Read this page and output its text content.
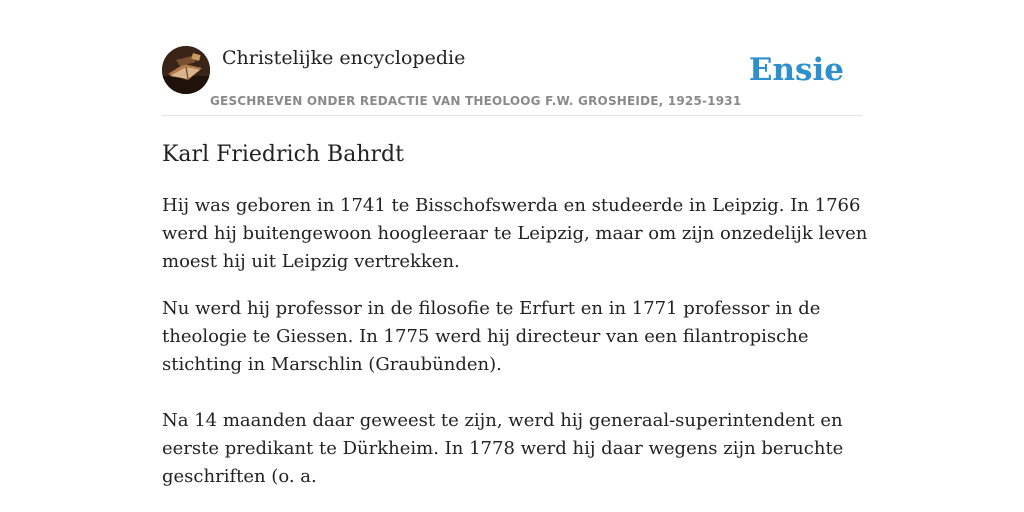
Christelijke encyclopedie
GESCHREVEN ONDER REDACTIE VAN THEOLOOG F.W. GROSHEIDE, 1925-1931
Ensie
Karl Friedrich Bahrdt

Hij was geboren in 1741 te Bisschofswerda en studeerde in Leipzig. In 1766 werd hij buitengewoon hoogleeraar te Leipzig, maar om zijn onzedelijk leven moest hij uit Leipzig vertrekken.

Nu werd hij professor in de filosofie te Erfurt en in 1771 professor in de theologie te Giessen. In 1775 werd hij directeur van een filantropische stichting in Marschlin (Graubünden).

Na 14 maanden daar geweest te zijn, werd hij generaal-superintendent en eerste predikant te Dürkheim. In 1778 werd hij daar wegens zijn beruchte geschriften (o. a.
